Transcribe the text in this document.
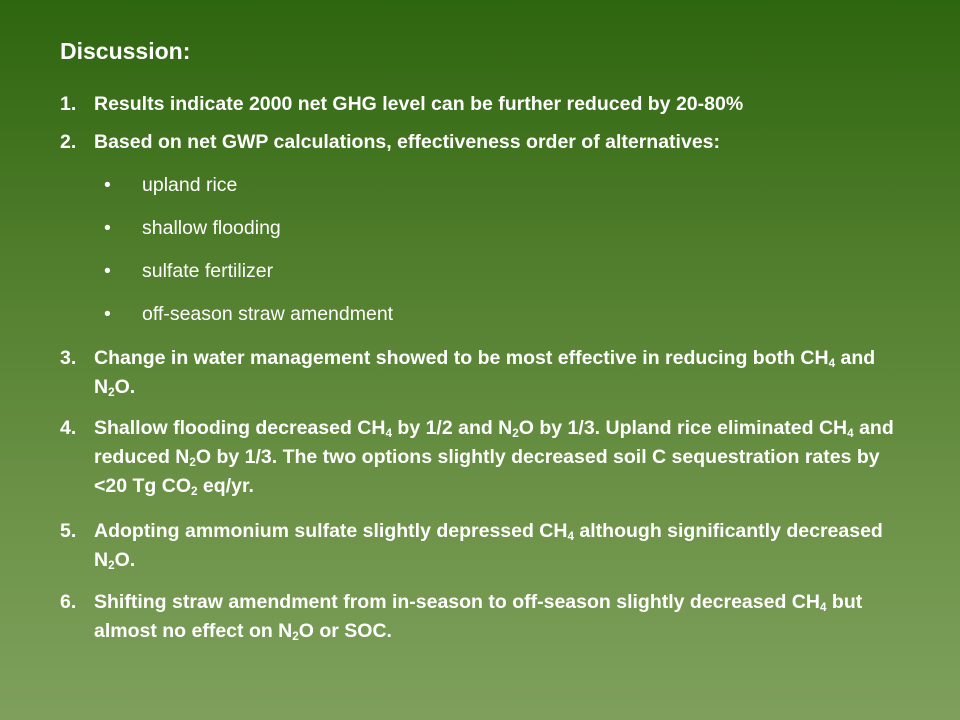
Discussion:
1. Results indicate 2000 net GHG level can be further reduced by 20-80%
2. Based on net GWP calculations, effectiveness order of alternatives:
• upland rice
• shallow flooding
• sulfate fertilizer
• off-season straw amendment
3. Change in water management showed to be most effective in reducing both $CH_4$ and $N_2O$.
4. Shallow flooding decreased $CH_4$ by 1/2 and $N_2O$ by 1/3. Upland rice eliminated $CH_4$ and reduced $N_2O$ by 1/3. The two options slightly decreased soil C sequestration rates by <20 Tg $CO_2$ eq/yr.
5. Adopting ammonium sulfate slightly depressed $CH_4$ although significantly decreased $N_2O$.
6. Shifting straw amendment from in-season to off-season slightly decreased $CH_4$ but almost no effect on $N_2O$ or SOC.
